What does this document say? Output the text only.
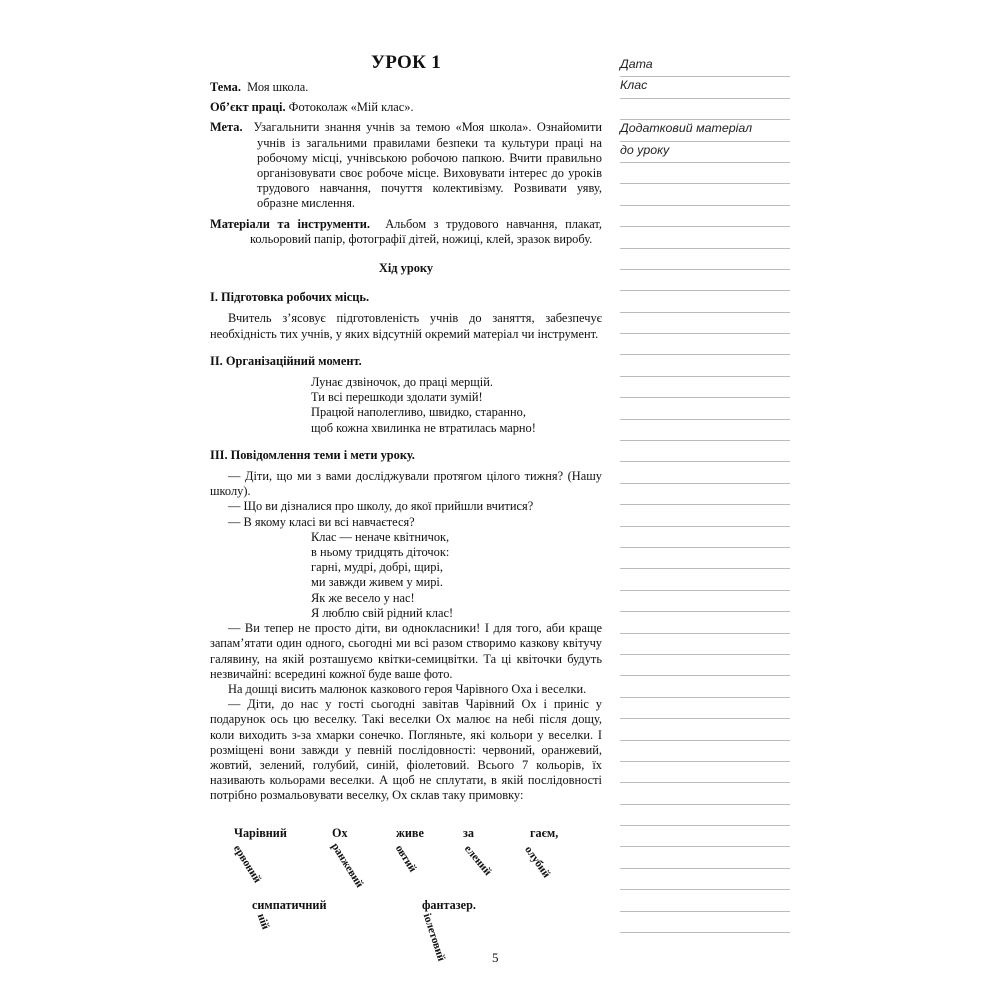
УРОК 1

Тема. Моя школа.

Об’єкт праці. Фотоколаж «Мій клас».

Мета. Узагальнити знання учнів за темою «Моя школа». Ознайомити учнів із загальними правилами безпеки та культури праці на робочому місці, учнівською робочою папкою. Вчити правильно організовувати своє робоче місце. Виховувати інтерес до уроків трудового навчання, почуття колективізму. Розвивати уяву, образне мислення.

Матеріали та інструменти. Альбом з трудового навчання, плакат, кольоровий папір, фотографії дітей, ножиці, клей, зразок виробу.

Хід уроку
І. Підготовка робочих місць.

Вчитель з’ясовує підготовленість учнів до заняття, забезпечує необхідність тих учнів, у яких відсутній окремий матеріал чи інструмент.

ІІ. Організаційний момент.
Лунає дзвіночок, до праці мерщій.
Ти всі перешкоди здолати зумій!
Працюй наполегливо, швидко, старанно,
щоб кожна хвилинка не втратилась марно!
ІІІ. Повідомлення теми і мети уроку.

— Діти, що ми з вами досліджували протягом цілого тижня? (Нашу школу).

— Що ви дізналися про школу, до якої прийшли вчитися?

— В якому класі ви всі навчаєтеся?

Клас — неначе квітничок,
в ньому тридцять діточок:
гарні, мудрі, добрі, щирі,
ми завжди живем у мирі.
Як же весело у нас!
Я люблю свій рідний клас!

— Ви тепер не просто діти, ви однокласники! І для того, аби краще запам’ятати один одного, сьогодні ми всі разом створимо казкову квітучу галявину, на якій розташуємо квітки-семицвітки. Та ці квіточки будуть незвичайні: всередині кожної буде ваше фото.

На дошці висить малюнок казкового героя Чарівного Оха і веселки.

— Діти, до нас у гості сьогодні завітав Чарівний Ох і приніс у подарунок ось цю веселку. Такі веселки Ох малює на небі після дощу, коли виходить з-за хмарки сонечко. Погляньте, які кольори у веселки. І розміщені вони завжди у певній послідовності: червоний, оранжевий, жовтий, зелений, голубий, синій, фіолетовий. Всього 7 кольорів, їх називають кольорами веселки. А щоб не сплутати, в якій послідовності потрібно розмальовувати веселку, Ох склав таку примовку:

Чарівний	Ох	живе	за	гаєм,
симпатичний	фантазер.
ервоний	ранжевий овтий	елений	олубий
ній	іолетовий	5
Дата
Клас
Додатковий матеріал
до уроку
